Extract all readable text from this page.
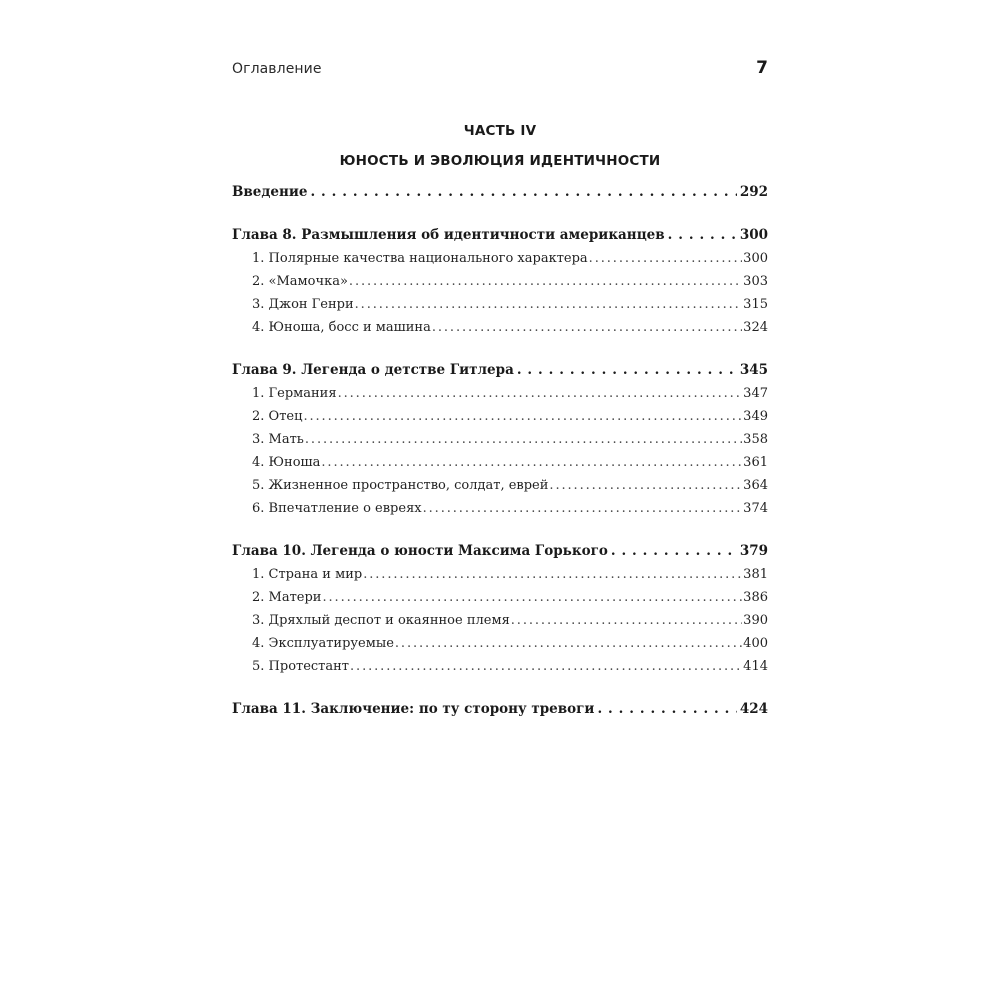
Оглавление	7
ЧАСТЬ IV
ЮНОСТЬ И ЭВОЛЮЦИЯ ИДЕНТИЧНОСТИ
Введение . . .	292
Глава 8. Размышления об идентичности американцев . . .	300
1. Полярные качества национального характера .....	300
2. «Мамочка» .....	303
3. Джон Генри .....	315
4. Юноша, босс и машина .....	324
Глава 9. Легенда о детстве Гитлера . . .	345
1. Германия .....	347
2. Отец .....	349
3. Мать .....	358
4. Юноша .....	361
5. Жизненное пространство, солдат, еврей .....	364
6. Впечатление о евреях .....	374
Глава 10. Легенда о юности Максима Горького . . .	379
1. Страна и мир .....	381
2. Матери .....	386
3. Дряхлый деспот и окаянное племя .....	390
4. Эксплуатируемые .....	400
5. Протестант .....	414
Глава 11. Заключение: по ту сторону тревоги . . .	424
